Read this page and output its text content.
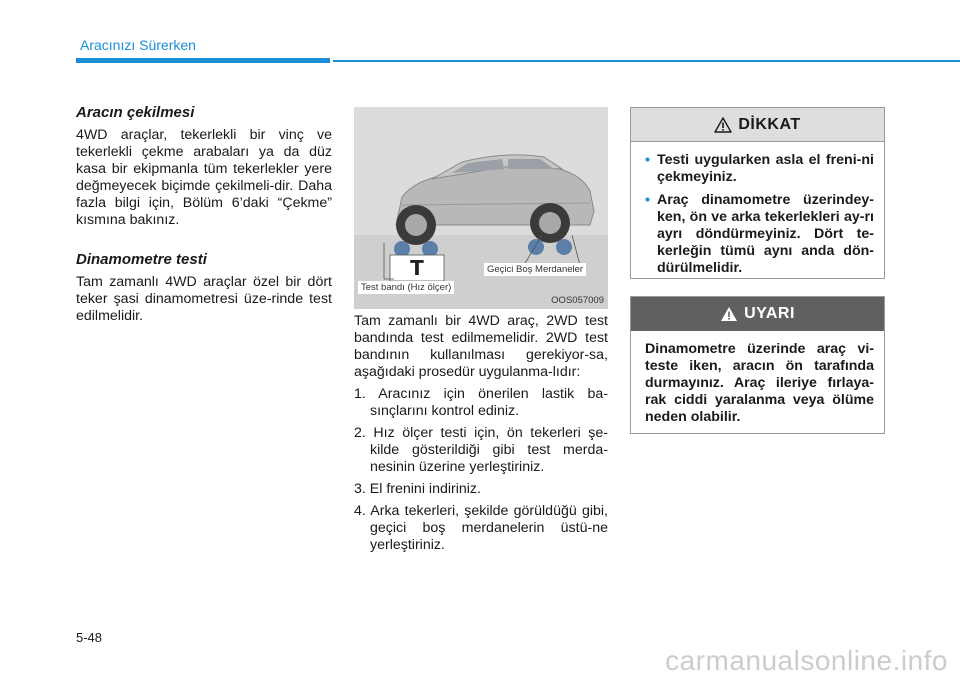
Aracınızı Sürerken
Aracın çekilmesi
4WD araçlar, tekerlekli bir vinç ve tekerlekli çekme arabaları ya da düz kasa bir ekipmanla tüm tekerlekler yere değmeyecek biçimde çekilmeli-dir. Daha fazla bilgi için, Bölüm 6’daki “Çekme” kısmına bakınız.
Dinamometre testi
Tam zamanlı 4WD araçlar özel bir dört teker şasi dinamometresi üze-rinde test edilmelidir.
T	Geçici Boş Merdaneler
Test bandı (Hız ölçer)
OOS057009
Tam zamanlı bir 4WD araç, 2WD test bandında test edilmemelidir. 2WD test bandının kullanılması gerekiyor-sa, aşağıdaki prosedür uygulanma-lıdır:
1. Aracınız için önerilen lastik ba-sınçlarını kontrol ediniz.
2. Hız ölçer testi için, ön tekerleri şe-kilde gösterildiği gibi test merda-nesinin üzerine yerleştiriniz.
3. El frenini indiriniz.
4. Arka tekerleri, şekilde görüldüğü gibi, geçici boş merdanelerin üstü-ne yerleştiriniz.
DİKKAT
• Testi uygularken asla el freni-ni çekmeyiniz.
• Araç dinamometre üzerindey-ken, ön ve arka tekerlekleri ay-rı ayrı döndürmeyiniz. Dört te-kerleğin tümü aynı anda dön-dürülmelidir.
UYARI
Dinamometre üzerinde araç vi-teste iken, aracın ön tarafında durmayınız. Araç ileriye fırlaya-rak ciddi yaralanma veya ölüme neden olabilir.
5-48
carmanualsonline.info
